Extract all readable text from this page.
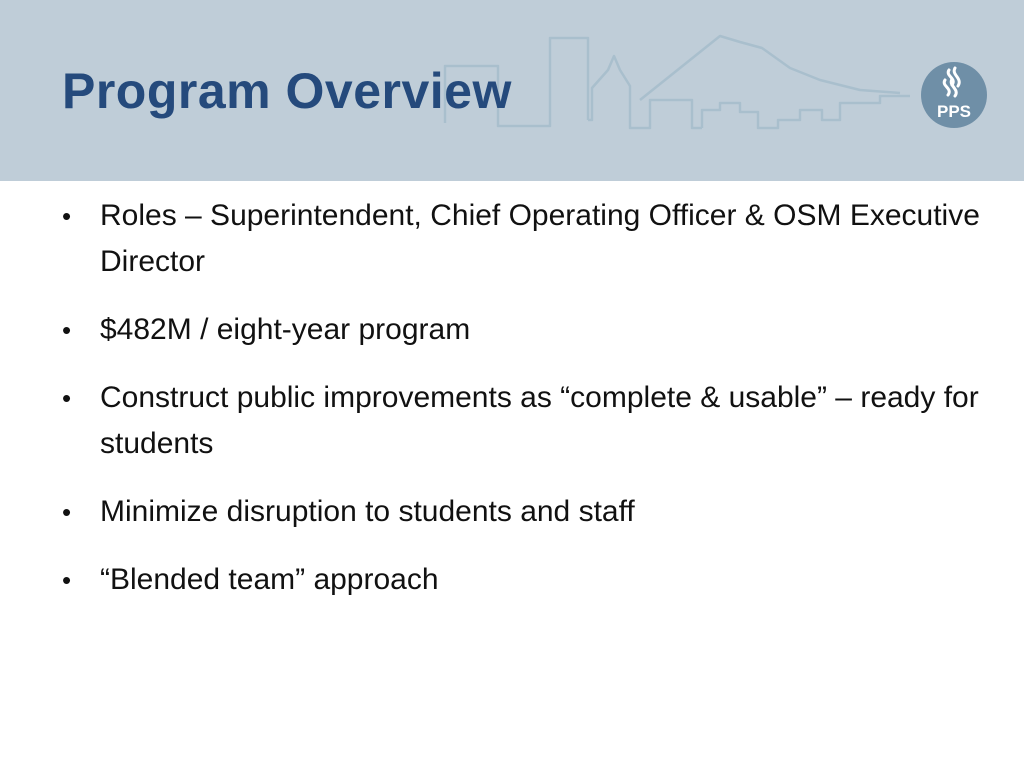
Program Overview	PPS
• Roles – Superintendent, Chief Operating Officer & OSM Executive Director
• $482M / eight-year program
• Construct public improvements as “complete & usable” – ready for students
• Minimize disruption to students and staff
• “Blended team” approach
